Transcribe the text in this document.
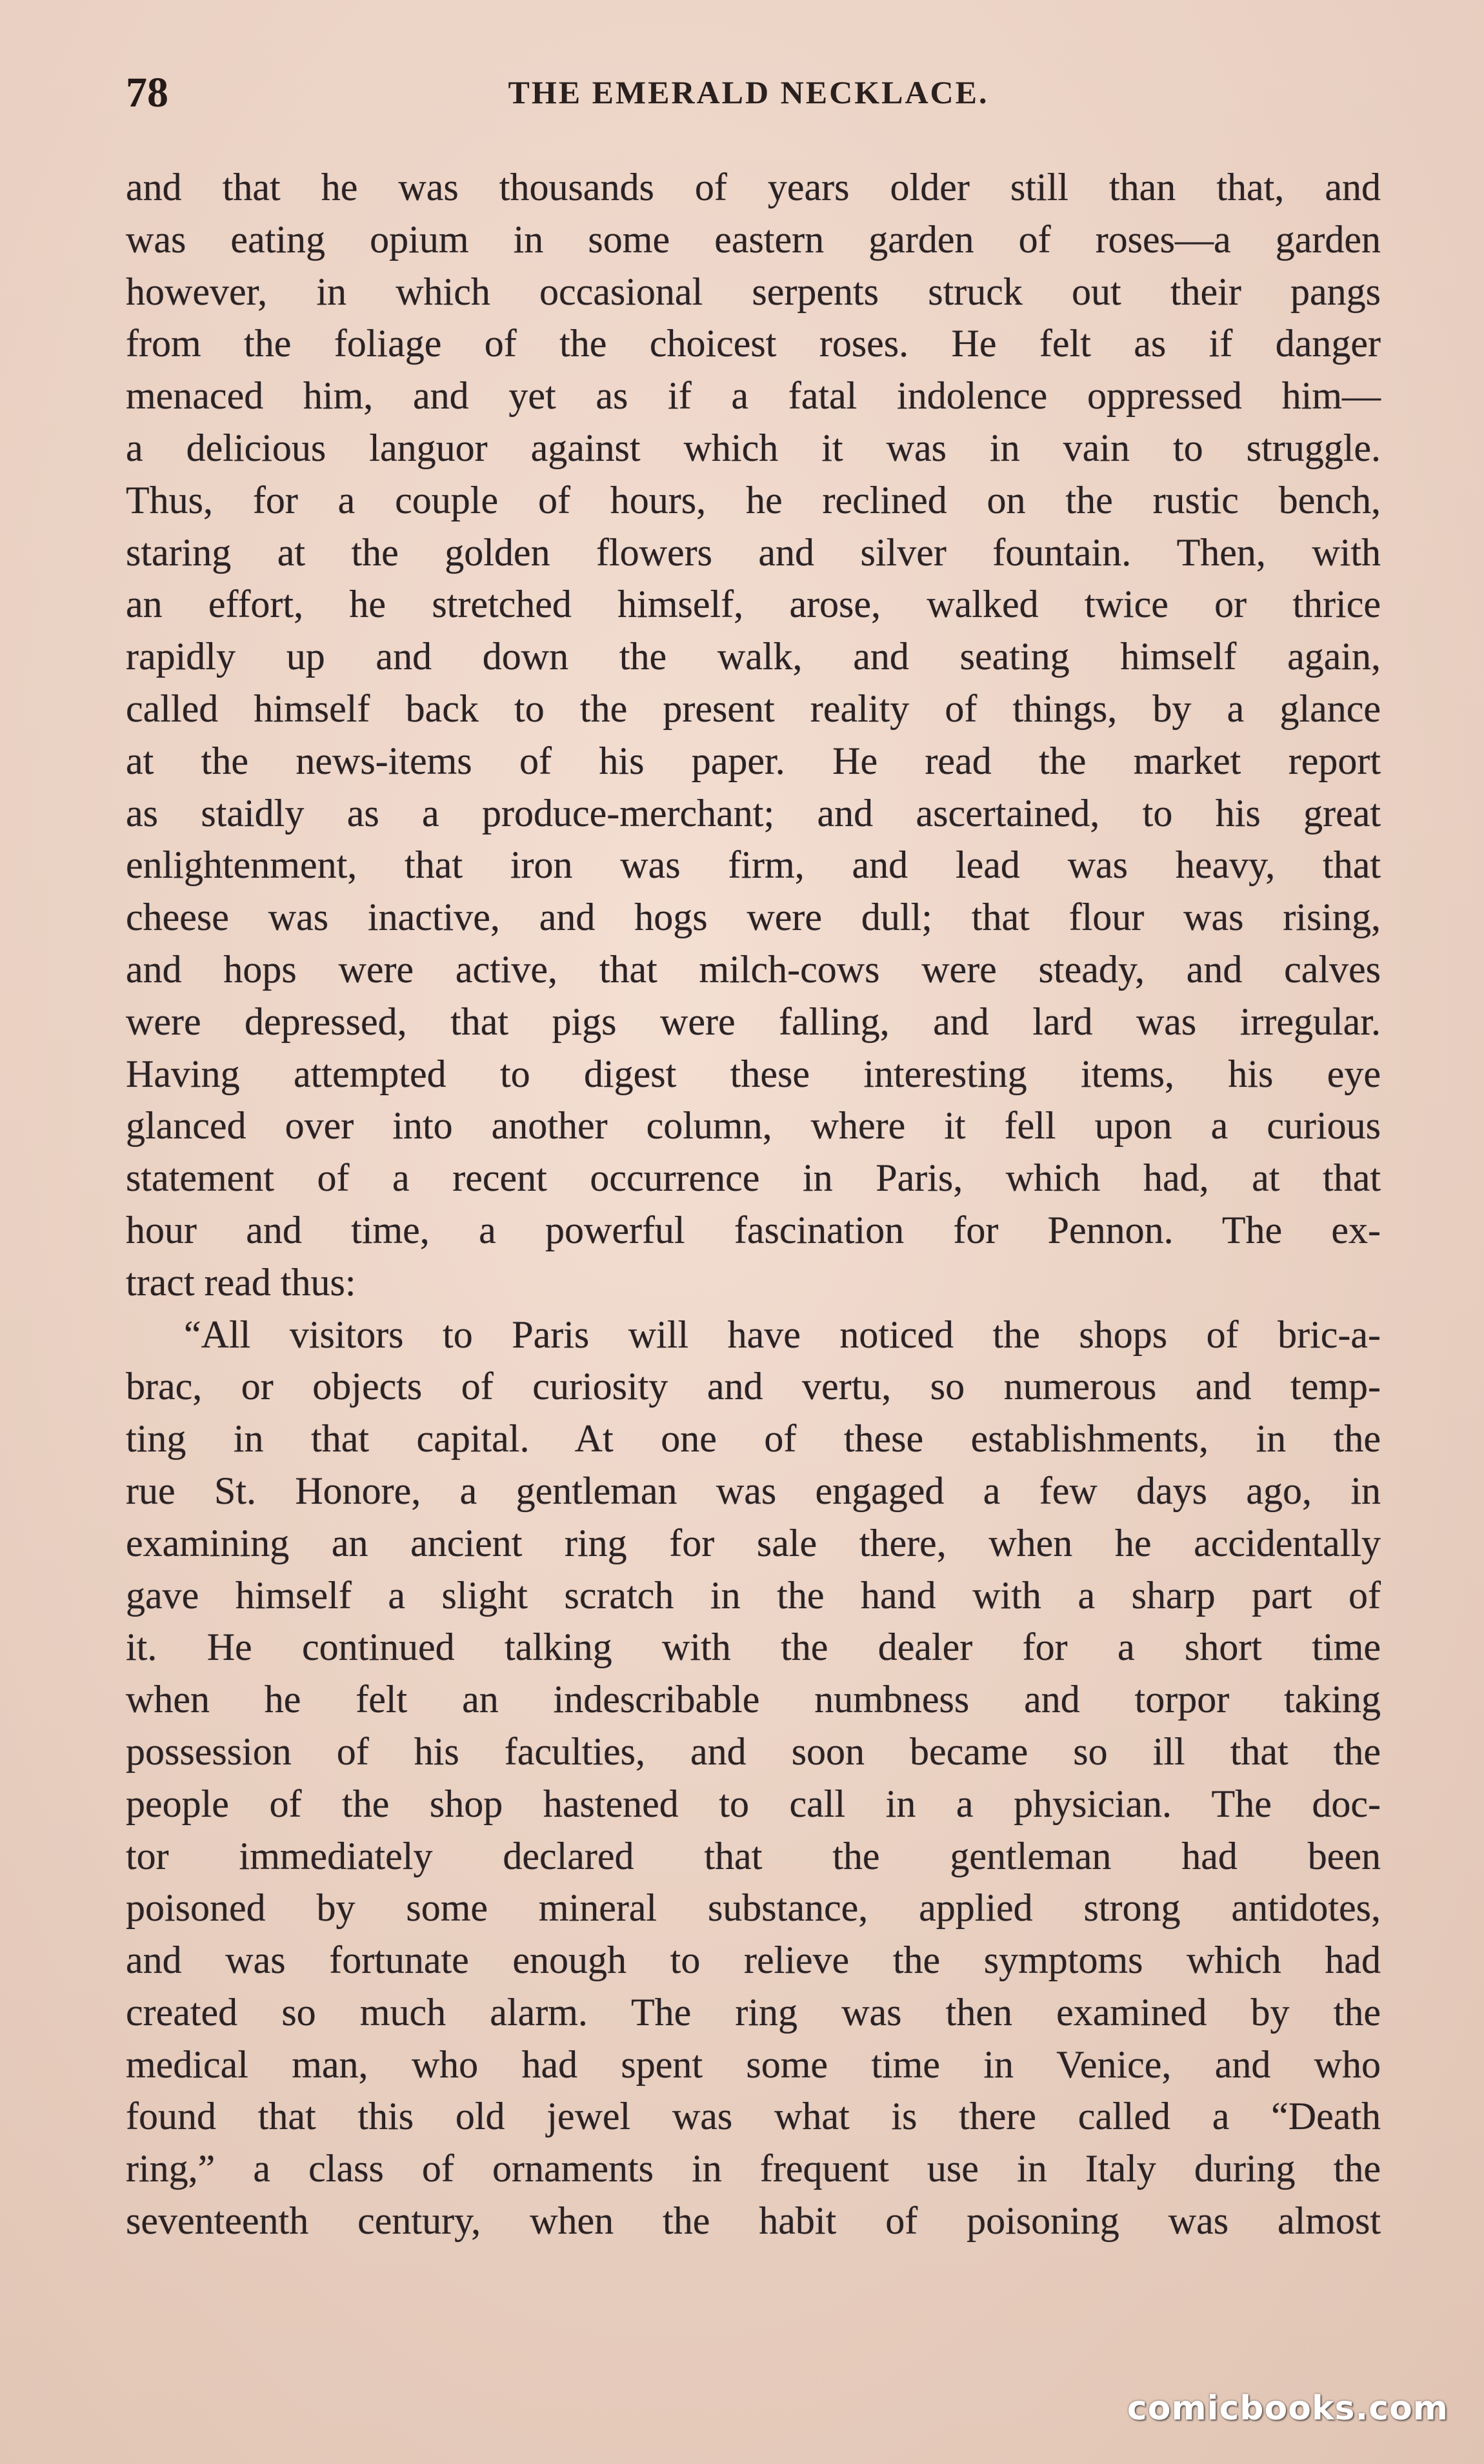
78	THE EMERALD NECKLACE.
and that he was thousands of years older still than that, and
was eating opium in some eastern garden of roses—a garden
however, in which occasional serpents struck out their pangs
from the foliage of the choicest roses. He felt as if danger
menaced him, and yet as if a fatal indolence oppressed him—
a delicious languor against which it was in vain to struggle.
Thus, for a couple of hours, he reclined on the rustic bench,
staring at the golden flowers and silver fountain. Then, with
an effort, he stretched himself, arose, walked twice or thrice
rapidly up and down the walk, and seating himself again,
called himself back to the present reality of things, by a glance
at the news-items of his paper. He read the market report
as staidly as a produce-merchant; and ascertained, to his great
enlightenment, that iron was firm, and lead was heavy, that
cheese was inactive, and hogs were dull; that flour was rising,
and hops were active, that milch-cows were steady, and calves
were depressed, that pigs were falling, and lard was irregular.
Having attempted to digest these interesting items, his eye
glanced over into another column, where it fell upon a curious
statement of a recent occurrence in Paris, which had, at that
hour and time, a powerful fascination for Pennon. The ex-
tract read thus:
“All visitors to Paris will have noticed the shops of bric-a-
brac, or objects of curiosity and vertu, so numerous and temp-
ting in that capital. At one of these establishments, in the
rue St. Honore, a gentleman was engaged a few days ago, in
examining an ancient ring for sale there, when he accidentally
gave himself a slight scratch in the hand with a sharp part of
it. He continued talking with the dealer for a short time
when he felt an indescribable numbness and torpor taking
possession of his faculties, and soon became so ill that the
people of the shop hastened to call in a physician. The doc-
tor immediately declared that the gentleman had been
poisoned by some mineral substance, applied strong antidotes,
and was fortunate enough to relieve the symptoms which had
created so much alarm. The ring was then examined by the
medical man, who had spent some time in Venice, and who
found that this old jewel was what is there called a “Death
ring,” a class of ornaments in frequent use in Italy during the
seventeenth century, when the habit of poisoning was almost
comicbooks.com
